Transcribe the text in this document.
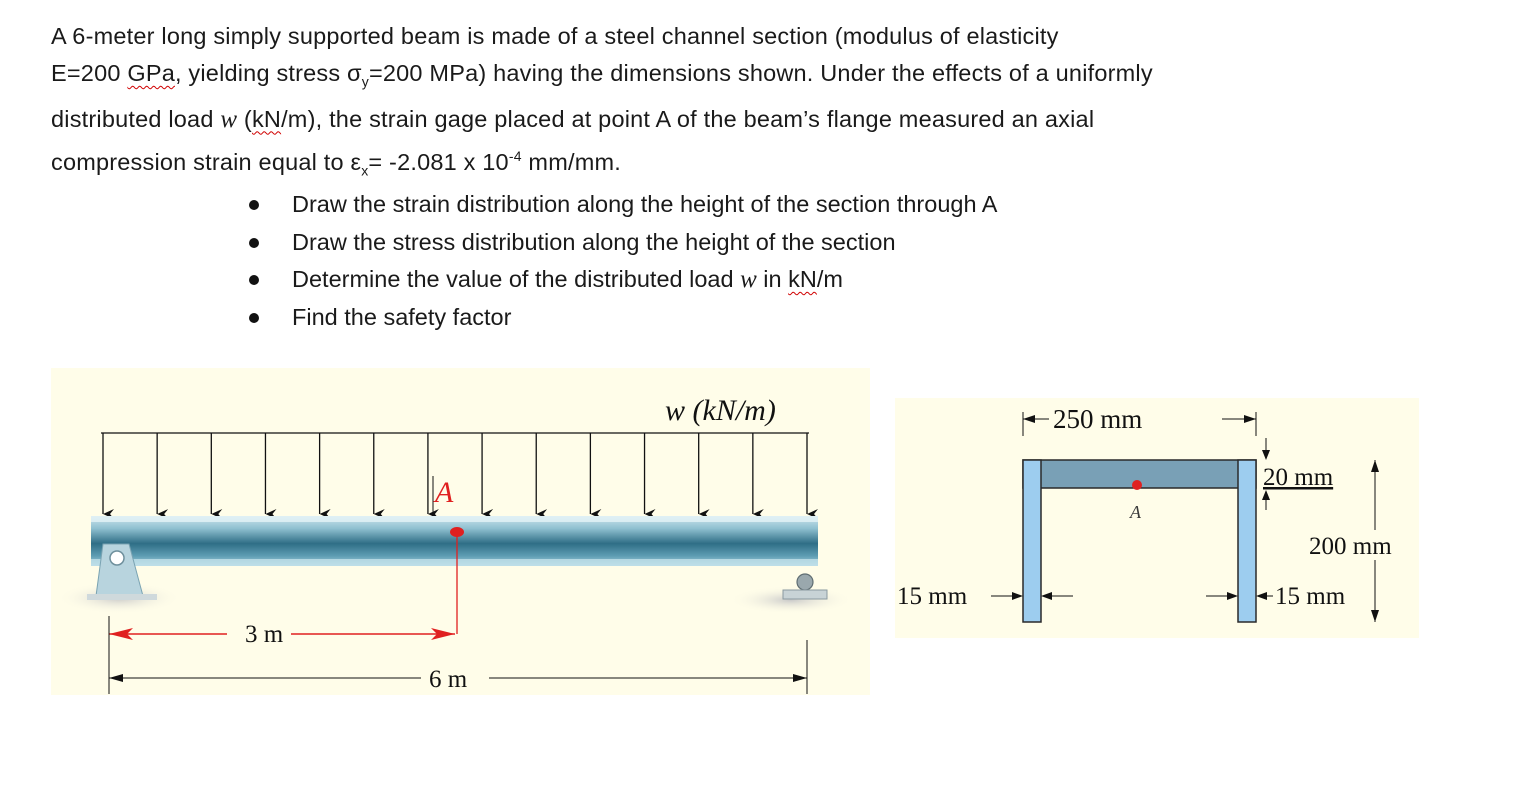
A 6-meter long simply supported beam is made of a steel channel section (modulus of elasticity
E=200 GPa, yielding stress $\sigma_y=200$ MPa) having the dimensions shown. Under the effects of a uniformly
distributed load w (kN/m), the strain gage placed at point A of the beam’s flange measured an axial
compression strain equal to $\varepsilon_x= -2.081$ x $10^{-4}$ mm/mm.
Draw the strain distribution along the height of the section through A
Draw the stress distribution along the height of the section
Determine the value of the distributed load w in kN/m
Find the safety factor
w (kN/m)
A
3 m
6 m
A
250 mm
20 mm
200 mm
15 mm	15 mm
